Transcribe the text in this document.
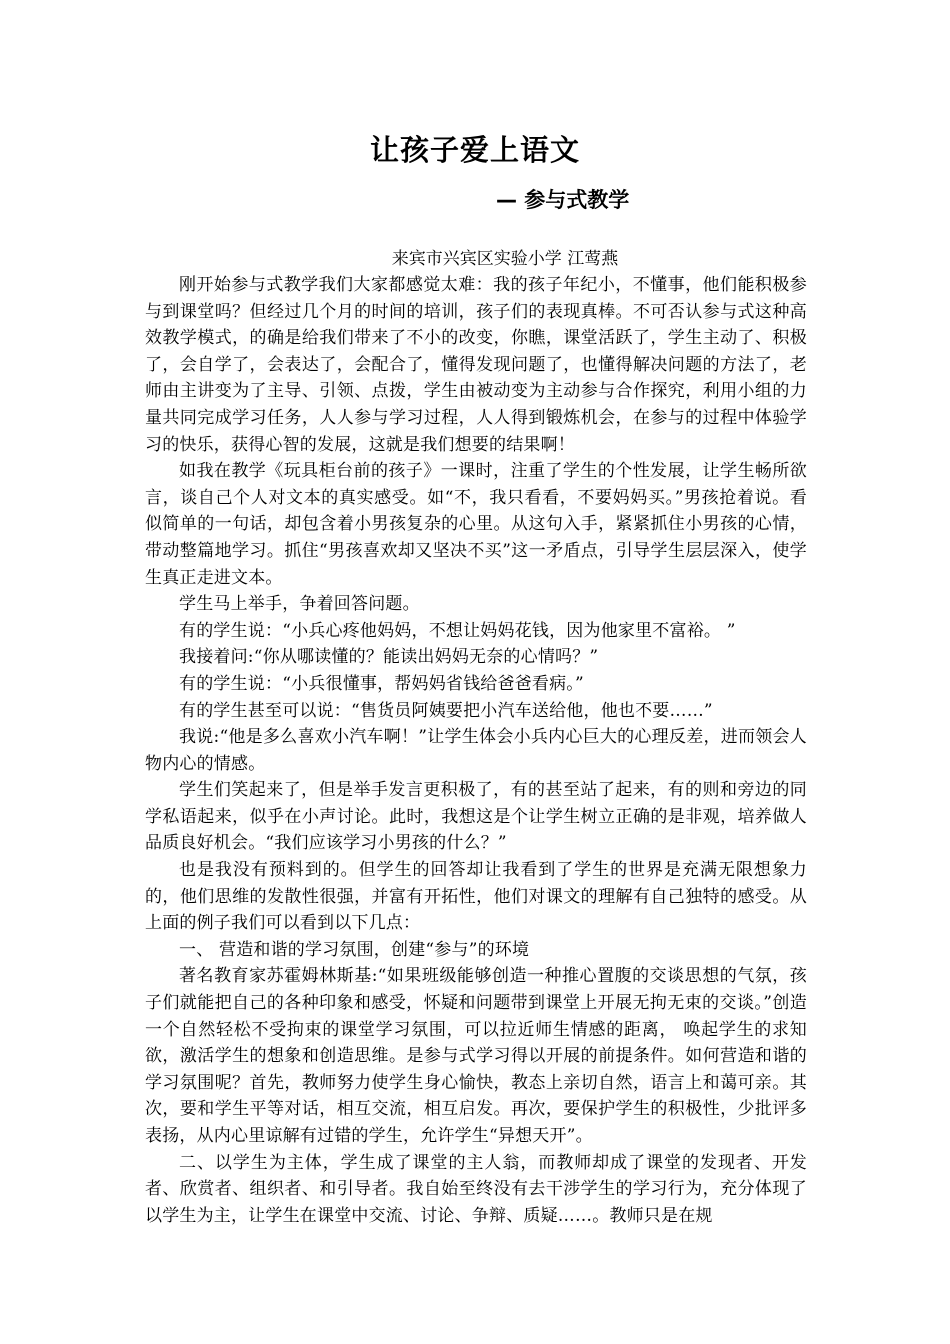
让孩子爱上语文
— 参与式教学
来宾市兴宾区实验小学 江莺燕

刚开始参与式教学我们大家都感觉太难：我的孩子年纪小，不懂事，他们能积极参与到课堂吗？但经过几个月的时间的培训，孩子们的表现真棒。不可否认参与式这种高效教学模式，的确是给我们带来了不小的改变，你瞧，课堂活跃了，学生主动了、积极了，会自学了，会表达了，会配合了，懂得发现问题了，也懂得解决问题的方法了，老师由主讲变为了主导、引领、点拨，学生由被动变为主动参与合作探究，利用小组的力量共同完成学习任务，人人参与学习过程，人人得到锻炼机会，在参与的过程中体验学习的快乐，获得心智的发展，这就是我们想要的结果啊！

如我在教学《玩具柜台前的孩子》一课时，注重了学生的个性发展，让学生畅所欲言，谈自己个人对文本的真实感受。如“不，我只看看，不要妈妈买。”男孩抢着说。看似简单的一句话，却包含着小男孩复杂的心里。从这句入手，紧紧抓住小男孩的心情，带动整篇地学习。抓住“男孩喜欢却又坚决不买”这一矛盾点，引导学生层层深入，使学生真正走进文本。

学生马上举手，争着回答问题。

有的学生说：“小兵心疼他妈妈，不想让妈妈花钱，因为他家里不富裕。 ”

我接着问:“你从哪读懂的？能读出妈妈无奈的心情吗？”

有的学生说：“小兵很懂事，帮妈妈省钱给爸爸看病。”

有的学生甚至可以说：“售货员阿姨要把小汽车送给他，他也不要……”

我说:“他是多么喜欢小汽车啊！”让学生体会小兵内心巨大的心理反差，进而领会人物内心的情感。

学生们笑起来了，但是举手发言更积极了，有的甚至站了起来，有的则和旁边的同学私语起来，似乎在小声讨论。此时，我想这是个让学生树立正确的是非观，培养做人品质良好机会。“我们应该学习小男孩的什么？”

也是我没有预料到的。但学生的回答却让我看到了学生的世界是充满无限想象力的，他们思维的发散性很强，并富有开拓性，他们对课文的理解有自己独特的感受。从上面的例子我们可以看到以下几点：

一、 营造和谐的学习氛围，创建“参与”的环境

著名教育家苏霍姆林斯基:“如果班级能够创造一种推心置腹的交谈思想的气氛，孩子们就能把自己的各种印象和感受，怀疑和问题带到课堂上开展无拘无束的交谈。”创造一个自然轻松不受拘束的课堂学习氛围，可以拉近师生情感的距离， 唤起学生的求知欲，激活学生的想象和创造思维。是参与式学习得以开展的前提条件。如何营造和谐的学习氛围呢？首先，教师努力使学生身心愉快，教态上亲切自然，语言上和蔼可亲。其次，要和学生平等对话，相互交流，相互启发。再次，要保护学生的积极性，少批评多表扬，从内心里谅解有过错的学生，允许学生“异想天开”。

二、以学生为主体，学生成了课堂的主人翁，而教师却成了课堂的发现者、开发者、欣赏者、组织者、和引导者。我自始至终没有去干涉学生的学习行为，充分体现了以学生为主，让学生在课堂中交流、讨论、争辩、质疑……。教师只是在规
